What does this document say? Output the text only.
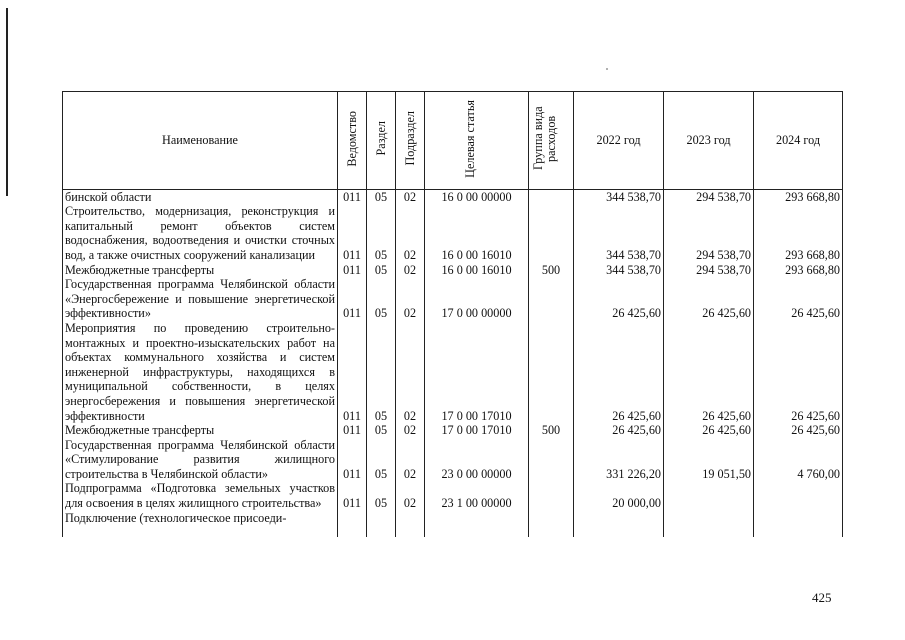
Наименование	Ведомство	Раздел	Подраздел	Целевая статья	Группа вида расходов	2022 год	2023 год	2024 год
бинской области	011	05	02	16 0 00 00000		344 538,70	294 538,70	293 668,80
Строительство, модернизация, реконструкция и капитальный ремонт объектов систем водоснабжения, водоотведения и очистки сточных вод, а также очистных сооружений канализации	011	05	02	16 0 00 16010		344 538,70	294 538,70	293 668,80
Межбюджетные трансферты	011	05	02	16 0 00 16010	500	344 538,70	294 538,70	293 668,80
Государственная программа Челябинской области «Энергосбережение и повышение энергетической эффективности»	011	05	02	17 0 00 00000		26 425,60	26 425,60	26 425,60
Мероприятия по проведению строительно-монтажных и проектно-изыскательских работ на объектах коммунального хозяйства и систем инженерной инфраструктуры, находящихся в муниципальной собственности, в целях энергосбережения и повышения энергетической эффективности	011	05	02	17 0 00 17010		26 425,60	26 425,60	26 425,60
Межбюджетные трансферты	011	05	02	17 0 00 17010	500	26 425,60	26 425,60	26 425,60
Государственная программа Челябинской области «Стимулирование развития жилищного строительства в Челябинской области»	011	05	02	23 0 00 00000		331 226,20	19 051,50	4 760,00
Подпрограмма «Подготовка земельных участков для освоения в целях жилищного строительства»	011	05	02	23 1 00 00000		20 000,00		
Подключение (технологическое присоеди-								
425
